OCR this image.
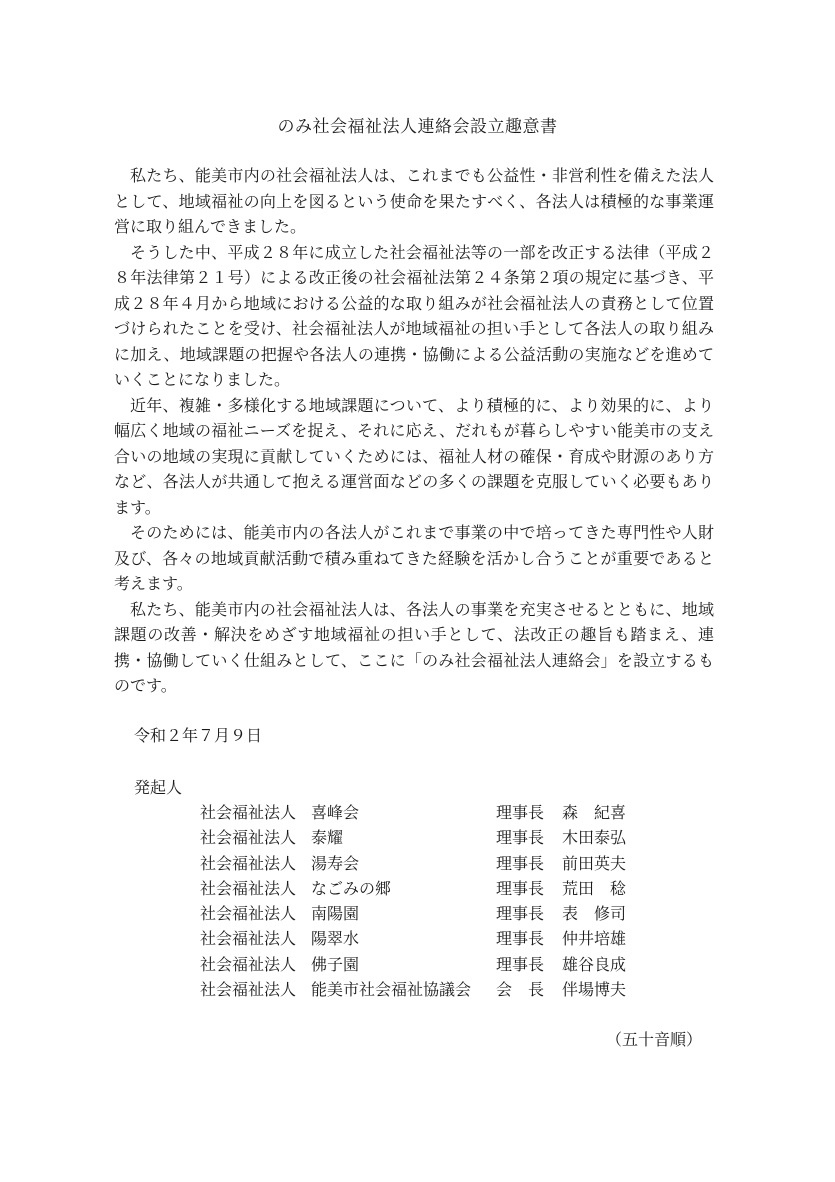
のみ社会福祉法人連絡会設立趣意書

私たち、能美市内の社会福祉法人は、これまでも公益性・非営利性を備えた法人として、地域福祉の向上を図るという使命を果たすべく、各法人は積極的な事業運営に取り組んできました。

そうした中、平成２８年に成立した社会福祉法等の一部を改正する法律（平成２８年法律第２１号）による改正後の社会福祉法第２４条第２項の規定に基づき、平成２８年４月から地域における公益的な取り組みが社会福祉法人の責務として位置づけられたことを受け、社会福祉法人が地域福祉の担い手として各法人の取り組みに加え、地域課題の把握や各法人の連携・協働による公益活動の実施などを進めていくことになりました。

近年、複雑・多様化する地域課題について、より積極的に、より効果的に、より幅広く地域の福祉ニーズを捉え、それに応え、だれもが暮らしやすい能美市の支え合いの地域の実現に貢献していくためには、福祉人材の確保・育成や財源のあり方など、各法人が共通して抱える運営面などの多くの課題を克服していく必要もあります。

そのためには、能美市内の各法人がこれまで事業の中で培ってきた専門性や人財及び、各々の地域貢献活動で積み重ねてきた経験を活かし合うことが重要であると考えます。

私たち、能美市内の社会福祉法人は、各法人の事業を充実させるとともに、地域課題の改善・解決をめざす地域福祉の担い手として、法改正の趣旨も踏まえ、連携・協働していく仕組みとして、ここに「のみ社会福祉法人連絡会」を設立するものです。

令和２年７月９日
発起人
社会福祉法人 喜峰会	理事長 森　紀喜
社会福祉法人 泰耀	理事長 木田泰弘
社会福祉法人 湯寿会	理事長 前田英夫
社会福祉法人 なごみの郷	理事長 荒田　稔
社会福祉法人 南陽園	理事長 表　修司
社会福祉法人 陽翠水	理事長 仲井培雄
社会福祉法人 佛子園	理事長 雄谷良成
社会福祉法人 能美市社会福祉協議会 会　長 伴場博夫
（五十音順）
